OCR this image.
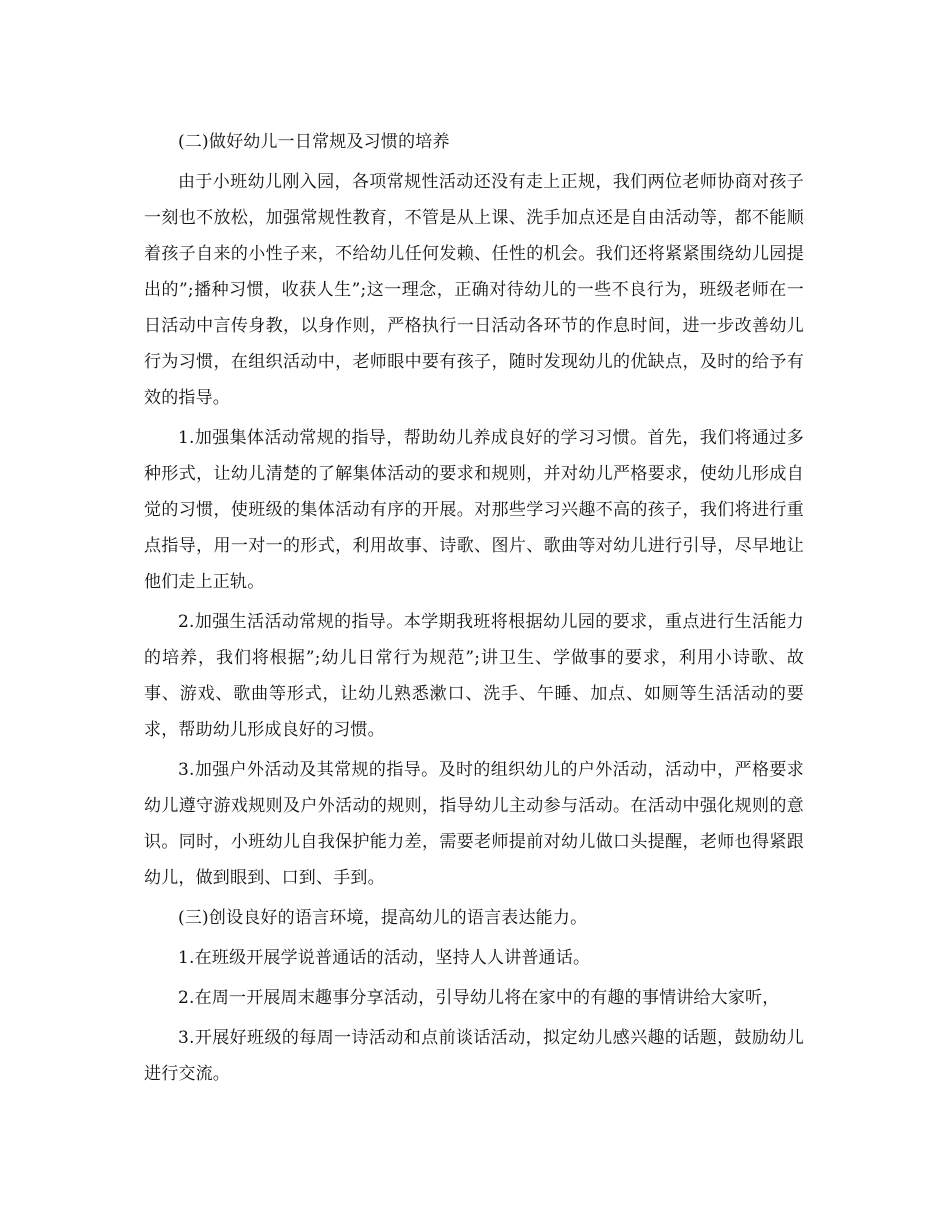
(二)做好幼儿一日常规及习惯的培养

由于小班幼儿刚入园，各项常规性活动还没有走上正规，我们两位老师协商对孩子一刻也不放松，加强常规性教育，不管是从上课、洗手加点还是自由活动等，都不能顺着孩子自来的小性子来，不给幼儿任何发赖、任性的机会。我们还将紧紧围绕幼儿园提出的”;播种习惯，收获人生”;这一理念，正确对待幼儿的一些不良行为，班级老师在一日活动中言传身教，以身作则，严格执行一日活动各环节的作息时间，进一步改善幼儿行为习惯，在组织活动中，老师眼中要有孩子，随时发现幼儿的优缺点，及时的给予有效的指导。

1.加强集体活动常规的指导，帮助幼儿养成良好的学习习惯。首先，我们将通过多种形式，让幼儿清楚的了解集体活动的要求和规则，并对幼儿严格要求，使幼儿形成自觉的习惯，使班级的集体活动有序的开展。对那些学习兴趣不高的孩子，我们将进行重点指导，用一对一的形式，利用故事、诗歌、图片、歌曲等对幼儿进行引导，尽早地让他们走上正轨。

2.加强生活活动常规的指导。本学期我班将根据幼儿园的要求，重点进行生活能力的培养，我们将根据”;幼儿日常行为规范”;讲卫生、学做事的要求，利用小诗歌、故事、游戏、歌曲等形式，让幼儿熟悉漱口、洗手、午睡、加点、如厕等生活活动的要求，帮助幼儿形成良好的习惯。

3.加强户外活动及其常规的指导。及时的组织幼儿的户外活动，活动中，严格要求幼儿遵守游戏规则及户外活动的规则，指导幼儿主动参与活动。在活动中强化规则的意识。同时，小班幼儿自我保护能力差，需要老师提前对幼儿做口头提醒，老师也得紧跟幼儿，做到眼到、口到、手到。

(三)创设良好的语言环境，提高幼儿的语言表达能力。

1.在班级开展学说普通话的活动，坚持人人讲普通话。

2.在周一开展周末趣事分享活动，引导幼儿将在家中的有趣的事情讲给大家听，

3.开展好班级的每周一诗活动和点前谈话活动，拟定幼儿感兴趣的话题，鼓励幼儿进行交流。
